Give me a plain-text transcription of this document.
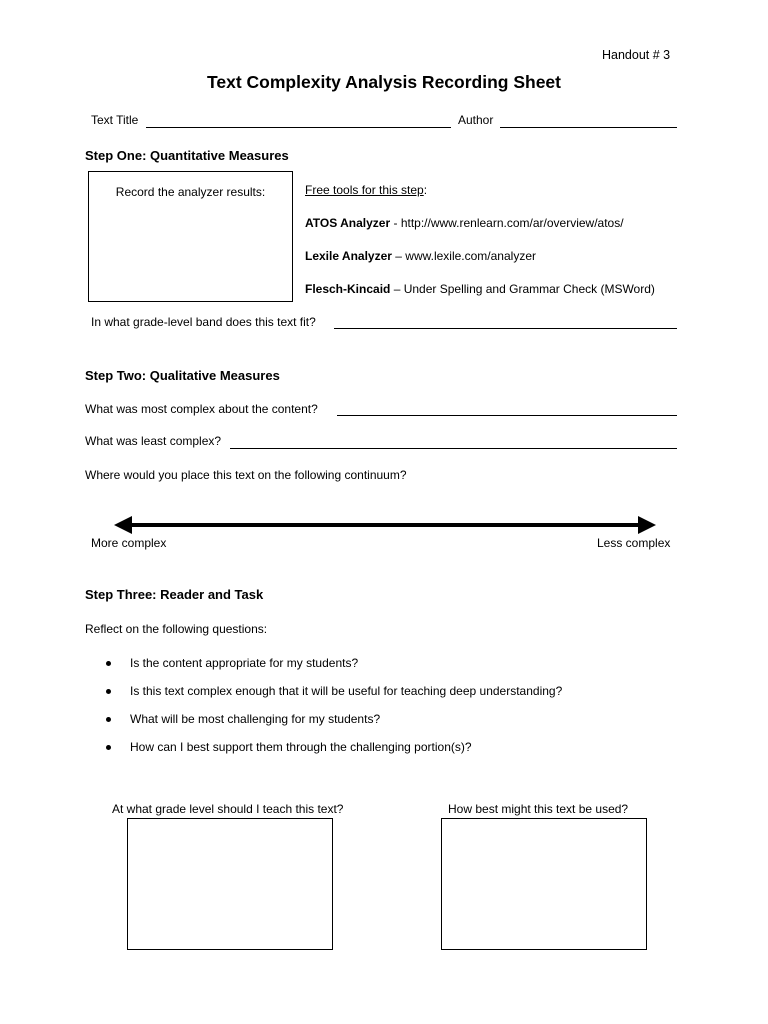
Handout # 3
Text Complexity Analysis Recording Sheet
Text Title	Author
Step One: Quantitative Measures
Record the analyzer results:	Free tools for this step:
ATOS Analyzer - http://www.renlearn.com/ar/overview/atos/
Lexile Analyzer – www.lexile.com/analyzer
Flesch-Kincaid – Under Spelling and Grammar Check (MSWord)
In what grade-level band does this text fit?
Step Two: Qualitative Measures
What was most complex about the content?
What was least complex?
Where would you place this text on the following continuum?
More complex	Less complex
Step Three: Reader and Task
Reflect on the following questions:
Is the content appropriate for my students?
Is this text complex enough that it will be useful for teaching deep understanding?
What will be most challenging for my students?
How can I best support them through the challenging portion(s)?
At what grade level should I teach this text?	How best might this text be used?
